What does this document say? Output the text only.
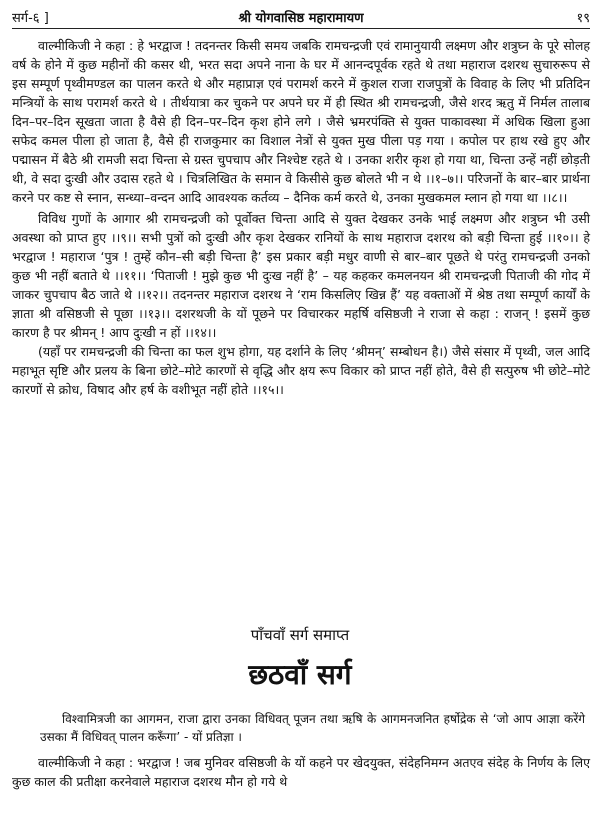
सर्ग-६ ]	श्री योगवासिष्ठ महारामायण	१९

वाल्मीकिजी ने कहा : हे भरद्वाज ! तदनन्तर किसी समय जबकि रामचन्द्रजी एवं रामानुयायी लक्ष्मण और शत्रुघ्न के पूरे सोलह वर्ष के होने में कुछ महीनों की कसर थी, भरत सदा अपने नाना के घर में आनन्दपूर्वक रहते थे तथा महाराज दशरथ सुचारुरूप से इस सम्पूर्ण पृथ्वीमण्डल का पालन करते थे और महाप्राज्ञ एवं परामर्श करने में कुशल राजा राजपुत्रों के विवाह के लिए भी प्रतिदिन मन्त्रियों के साथ परामर्श करते थे । तीर्थयात्रा कर चुकने पर अपने घर में ही स्थित श्री रामचन्द्रजी, जैसे शरद ऋतु में निर्मल तालाब दिन–पर–दिन सूखता जाता है वैसे ही दिन–पर–दिन कृश होने लगे । जैसे भ्रमरपंक्ति से युक्त पाकावस्था में अधिक खिला हुआ सफेद कमल पीला हो जाता है, वैसे ही राजकुमार का विशाल नेत्रों से युक्त मुख पीला पड़ गया । कपोल पर हाथ रखे हुए और पद्मासन में बैठे श्री रामजी सदा चिन्ता से ग्रस्त चुपचाप और निश्चेष्ट रहते थे । उनका शरीर कृश हो गया था, चिन्ता उन्हें नहीं छोड़ती थी, वे सदा दुःखी और उदास रहते थे । चित्रलिखित के समान वे किसीसे कुछ बोलते भी न थे ।।१–७।। परिजनों के बार–बार प्रार्थना करने पर कष्ट से स्नान, सन्ध्या–वन्दन आदि आवश्यक कर्तव्य – दैनिक कर्म करते थे, उनका मुखकमल म्लान हो गया था ।।८।।

विविध गुणों के आगार श्री रामचन्द्रजी को पूर्वोक्त चिन्ता आदि से युक्त देखकर उनके भाई लक्ष्मण और शत्रुघ्न भी उसी अवस्था को प्राप्त हुए ।।९।। सभी पुत्रों को दुःखी और कृश देखकर रानियों के साथ महाराज दशरथ को बड़ी चिन्ता हुई ।।१०।। हे भरद्वाज ! महाराज ‘पुत्र ! तुम्हें कौन–सी बड़ी चिन्ता है’ इस प्रकार बड़ी मधुर वाणी से बार–बार पूछते थे परंतु रामचन्द्रजी उनको कुछ भी नहीं बताते थे ।।११।। ‘पिताजी ! मुझे कुछ भी दुःख नहीं है’ – यह कहकर कमलनयन श्री रामचन्द्रजी पिताजी की गोद में जाकर चुपचाप बैठ जाते थे ।।१२।। तदनन्तर महाराज दशरथ ने ‘राम किसलिए खिन्न हैं’ यह वक्ताओं में श्रेष्ठ तथा सम्पूर्ण कार्यों के ज्ञाता श्री वसिष्ठजी से पूछा ।।१३।। दशरथजी के यों पूछने पर विचारकर महर्षि वसिष्ठजी ने राजा से कहा : राजन् ! इसमें कुछ कारण है पर श्रीमन् ! आप दुःखी न हों ।।१४।।

(यहाँ पर रामचन्द्रजी की चिन्ता का फल शुभ होगा, यह दर्शाने के लिए ‘श्रीमन्’ सम्बोधन है।) जैसे संसार में पृथ्वी, जल आदि महाभूत सृष्टि और प्रलय के बिना छोटे–मोटे कारणों से वृद्धि और क्षय रूप विकार को प्राप्त नहीं होते, वैसे ही सत्पुरुष भी छोटे–मोटे कारणों से क्रोध, विषाद और हर्ष के वशीभूत नहीं होते ।।१५।।

पाँचवाँ सर्ग समाप्त
छठवाँ सर्ग

विश्वामित्रजी का आगमन, राजा द्वारा उनका विधिवत् पूजन तथा ऋषि के आगमनजनित हर्षोद्रेक से ‘जो आप आज्ञा करेंगे उसका मैं विधिवत् पालन करूँगा’ - यों प्रतिज्ञा ।

वाल्मीकिजी ने कहा : भरद्वाज ! जब मुनिवर वसिष्ठजी के यों कहने पर खेदयुक्त, संदेहनिमग्न अतएव संदेह के निर्णय के लिए कुछ काल की प्रतीक्षा करनेवाले महाराज दशरथ मौन हो गये थे
